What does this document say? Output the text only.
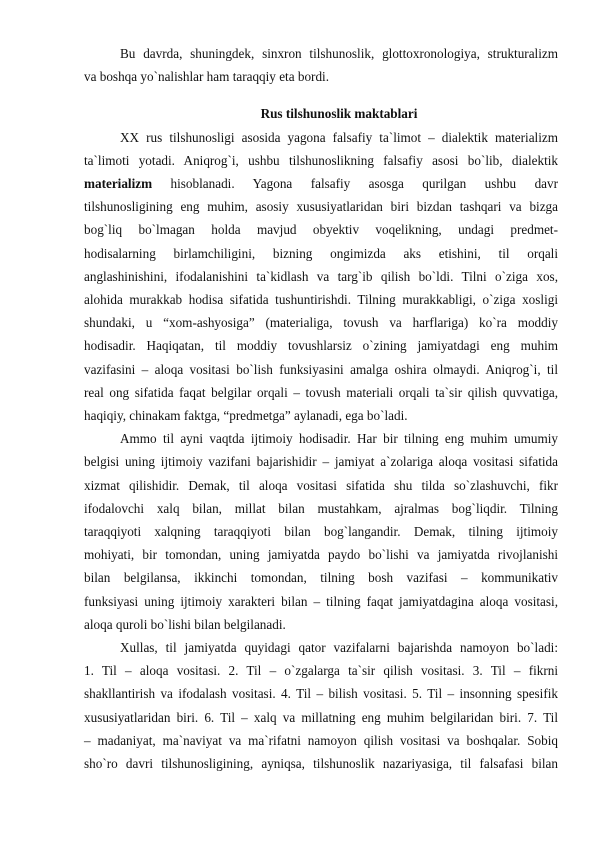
Bu davrda, shuningdek, sinxron tilshunoslik, glottoxronologiya, strukturalizm
va boshqa yo`nalishlar ham taraqqiy eta bordi.
Rus tilshunoslik maktablari
XX rus tilshunosligi asosida yagona falsafiy ta`limot – dialektik materializm
ta`limoti yotadi. Aniqrog`i, ushbu tilshunoslikning falsafiy asosi bo`lib, dialektik
materializm hisoblanadi. Yagona falsafiy asosga qurilgan ushbu davr
tilshunosligining eng muhim, asosiy xususiyatlaridan biri bizdan tashqari va bizga
bog`liq bo`lmagan holda mavjud obyektiv voqelikning, undagi predmet-
hodisalarning birlamchiligini, bizning ongimizda aks etishini, til orqali
anglashinishini, ifodalanishini ta`kidlash va targ`ib qilish bo`ldi. Tilni o`ziga xos,
alohida murakkab hodisa sifatida tushuntirishdi. Tilning murakkabligi, o`ziga xosligi
shundaki, u “xom-ashyosiga” (materialiga, tovush va harflariga) ko`ra moddiy
hodisadir. Haqiqatan, til moddiy tovushlarsiz o`zining jamiyatdagi eng muhim
vazifasini – aloqa vositasi bo`lish funksiyasini amalga oshira olmaydi. Aniqrog`i, til
real ong sifatida faqat belgilar orqali – tovush materiali orqali ta`sir qilish quvvatiga,
haqiqiy, chinakam faktga, “predmetga” aylanadi, ega bo`ladi.
Ammo til ayni vaqtda ijtimoiy hodisadir. Har bir tilning eng muhim umumiy
belgisi uning ijtimoiy vazifani bajarishidir – jamiyat a`zolariga aloqa vositasi sifatida
xizmat qilishidir. Demak, til aloqa vositasi sifatida shu tilda so`zlashuvchi, fikr
ifodalovchi xalq bilan, millat bilan mustahkam, ajralmas bog`liqdir. Tilning
taraqqiyoti xalqning taraqqiyoti bilan bog`langandir. Demak, tilning ijtimoiy
mohiyati, bir tomondan, uning jamiyatda paydo bo`lishi va jamiyatda rivojlanishi
bilan belgilansa, ikkinchi tomondan, tilning bosh vazifasi – kommunikativ
funksiyasi uning ijtimoiy xarakteri bilan – tilning faqat jamiyatdagina aloqa vositasi,
aloqa quroli bo`lishi bilan belgilanadi.
Xullas, til jamiyatda quyidagi qator vazifalarni bajarishda namoyon bo`ladi:
1. Til – aloqa vositasi. 2. Til – o`zgalarga ta`sir qilish vositasi. 3. Til – fikrni
shakllantirish va ifodalash vositasi. 4. Til – bilish vositasi. 5. Til – insonning spesifik
xususiyatlaridan biri. 6. Til – xalq va millatning eng muhim belgilaridan biri. 7. Til
– madaniyat, ma`naviyat va ma`rifatni namoyon qilish vositasi va boshqalar. Sobiq
sho`ro davri tilshunosligining, ayniqsa, tilshunoslik nazariyasiga, til falsafasi bilan
